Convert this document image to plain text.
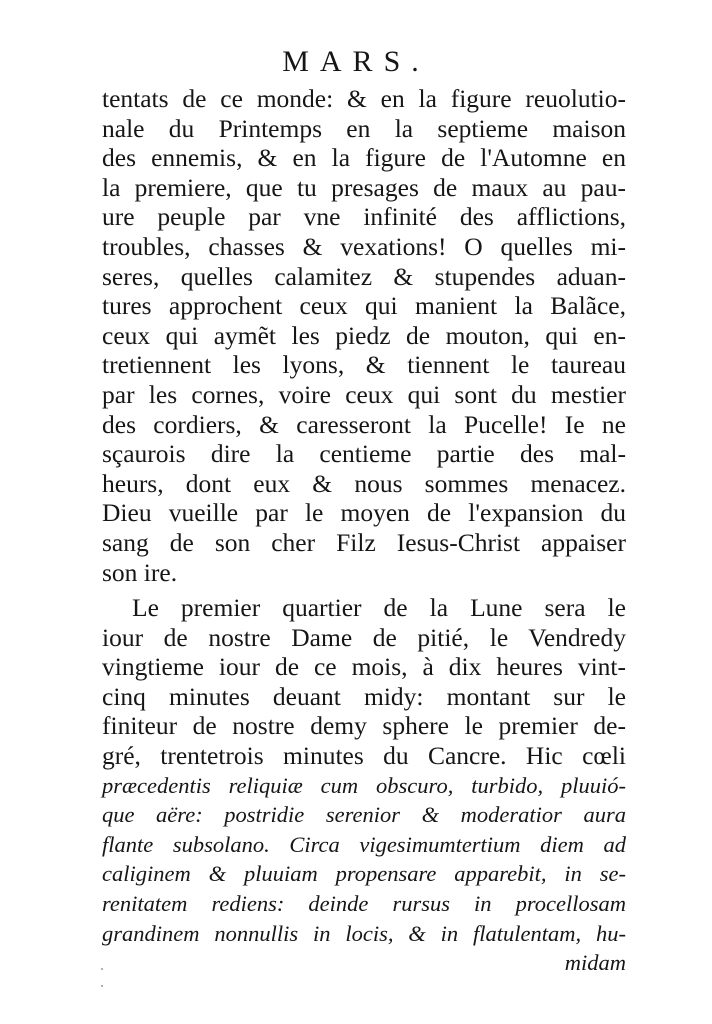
MARS.
tentats de ce monde: & en la figure reuolutio-
nale du Printemps en la septieme maison
des ennemis, & en la figure de l'Automne en
la premiere, que tu presages de maux au pau-
ure peuple par vne infinité des afflictions,
troubles, chasses & vexations! O quelles mi-
seres, quelles calamitez & stupendes aduan-
tures approchent ceux qui manient la Balãce,
ceux qui aymẽt les piedz de mouton, qui en-
tretiennent les lyons, & tiennent le taureau
par les cornes, voire ceux qui sont du mestier
des cordiers, & caresseront la Pucelle! Ie ne
sçaurois dire la centieme partie des mal-
heurs, dont eux & nous sommes menacez.
Dieu vueille par le moyen de l'expansion du
sang de son cher Filz Iesus-Christ appaiser
son ire.
Le premier quartier de la Lune sera le
iour de nostre Dame de pitié, le Vendredy
vingtieme iour de ce mois, à dix heures vint-
cinq minutes deuant midy: montant sur le
finiteur de nostre demy sphere le premier de-
gré, trentetrois minutes du Cancre. Hic cœli
præcedentis reliquiæ cum obscuro, turbido, pluuió-
que aëre: postridie serenior & moderatior aura
flante subsolano. Circa vigesimumtertium diem ad
caliginem & pluuiam propensare apparebit, in se-
renitatem rediens: deinde rursus in procellosam
grandinem nonnullis in locis, & in flatulentam, hu-
midam
